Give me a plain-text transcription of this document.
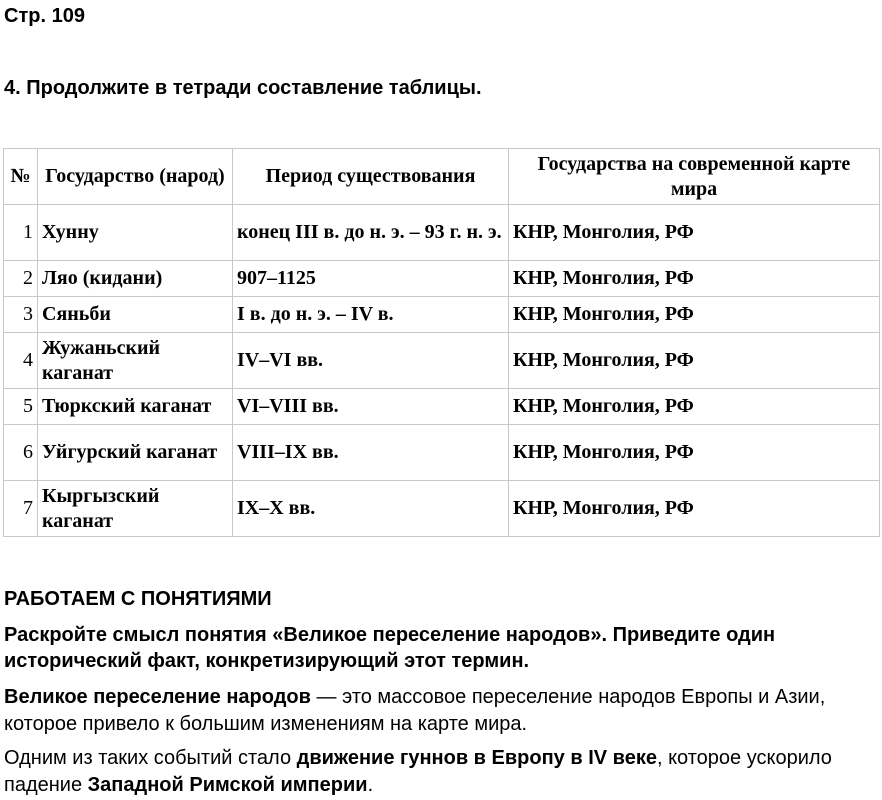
Стр. 109
4. Продолжите в тетради составление таблицы.
№	Государство (народ)	Период существования	Государства на современной карте мира
1	Хунну	конец III в. до н. э. – 93 г. н. э.	КНР, Монголия, РФ
2	Ляо (кидани)	907–1125	КНР, Монголия, РФ
3	Сяньби	I в. до н. э. – IV в.	КНР, Монголия, РФ
4	Жужаньский каганат	IV–VI вв.	КНР, Монголия, РФ
5	Тюркский каганат	VI–VIII вв.	КНР, Монголия, РФ
6	Уйгурский каганат	VIII–IX вв.	КНР, Монголия, РФ
7	Кыргызский каганат	IX–X вв.	КНР, Монголия, РФ
РАБОТАЕМ С ПОНЯТИЯМИ
Раскройте смысл понятия «Великое переселение народов». Приведите один исторический факт, конкретизирующий этот термин.
Великое переселение народов — это массовое переселение народов Европы и Азии, которое привело к большим изменениям на карте мира.
Одним из таких событий стало движение гуннов в Европу в IV веке, которое ускорило падение Западной Римской империи.
